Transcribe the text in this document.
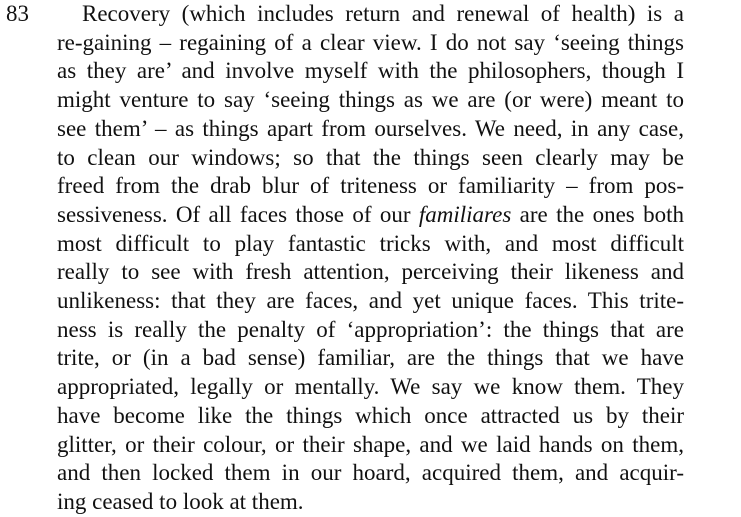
83	Recovery (which includes return and renewal of health) is a
re-gaining – regaining of a clear view. I do not say ‘seeing things
as they are’ and involve myself with the philosophers, though I
might venture to say ‘seeing things as we are (or were) meant to
see them’ – as things apart from ourselves. We need, in any case,
to clean our windows; so that the things seen clearly may be
freed from the drab blur of triteness or familiarity – from pos-
sessiveness. Of all faces those of our familiares are the ones both
most difficult to play fantastic tricks with, and most difficult
really to see with fresh attention, perceiving their likeness and
unlikeness: that they are faces, and yet unique faces. This trite-
ness is really the penalty of ‘appropriation’: the things that are
trite, or (in a bad sense) familiar, are the things that we have
appropriated, legally or mentally. We say we know them. They
have become like the things which once attracted us by their
glitter, or their colour, or their shape, and we laid hands on them,
and then locked them in our hoard, acquired them, and acquir-
ing ceased to look at them.
